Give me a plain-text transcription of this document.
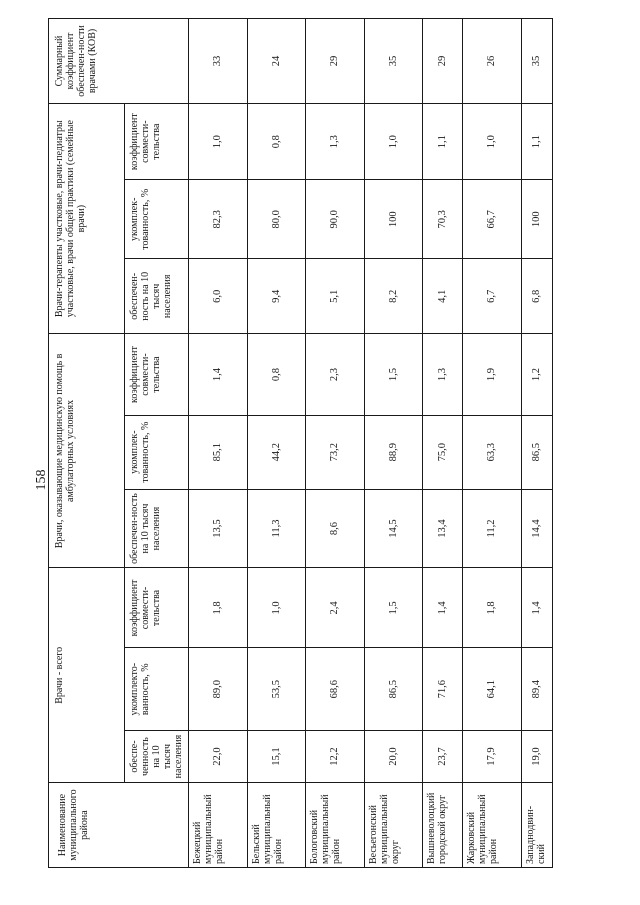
158
Наименование муниципального района	Врачи - всего			Врачи, оказывающие медицинскую помощь в амбулаторных условиях			Врачи-терапевты участковые, врачи-педиатры участковые, врачи общей практики (семейные врачи)			Суммарный коэффициент обеспечен-ности врачами (КОВ)
	обеспе-ченность на 10 тысяч населения	укомплекто-ванность, %	коэффициент совмести-тельства	обеспечен-ность на 10 тысяч населения	укомплек-тованность, %	коэффициент совмести-тельства	обеспечен-ность на 10 тысяч населения	укомплек-тованность, %	коэффициент совмести-тельства	
Бежецкий муниципальный район	22,0	89,0	1,8	13,5	85,1	1,4	6,0	82,3	1,0	33
Бельский муниципальный район	15,1	53,5	1,0	11,3	44,2	0,8	9,4	80,0	0,8	24
Бологовский муниципальный район	12,2	68,6	2,4	8,6	73,2	2,3	5,1	90,0	1,3	29
Весьегонский муниципальный округ	20,0	86,5	1,5	14,5	88,9	1,5	8,2	100	1,0	35
Вышневолоцкий городской округ	23,7	71,6	1,4	13,4	75,0	1,3	4,1	70,3	1,1	29
Жарковский муниципальный район	17,9	64,1	1,8	11,2	63,3	1,9	6,7	66,7	1,0	26
Западнодвин-ский	19,0	89,4	1,4	14,4	86,5	1,2	6,8	100	1,1	35
